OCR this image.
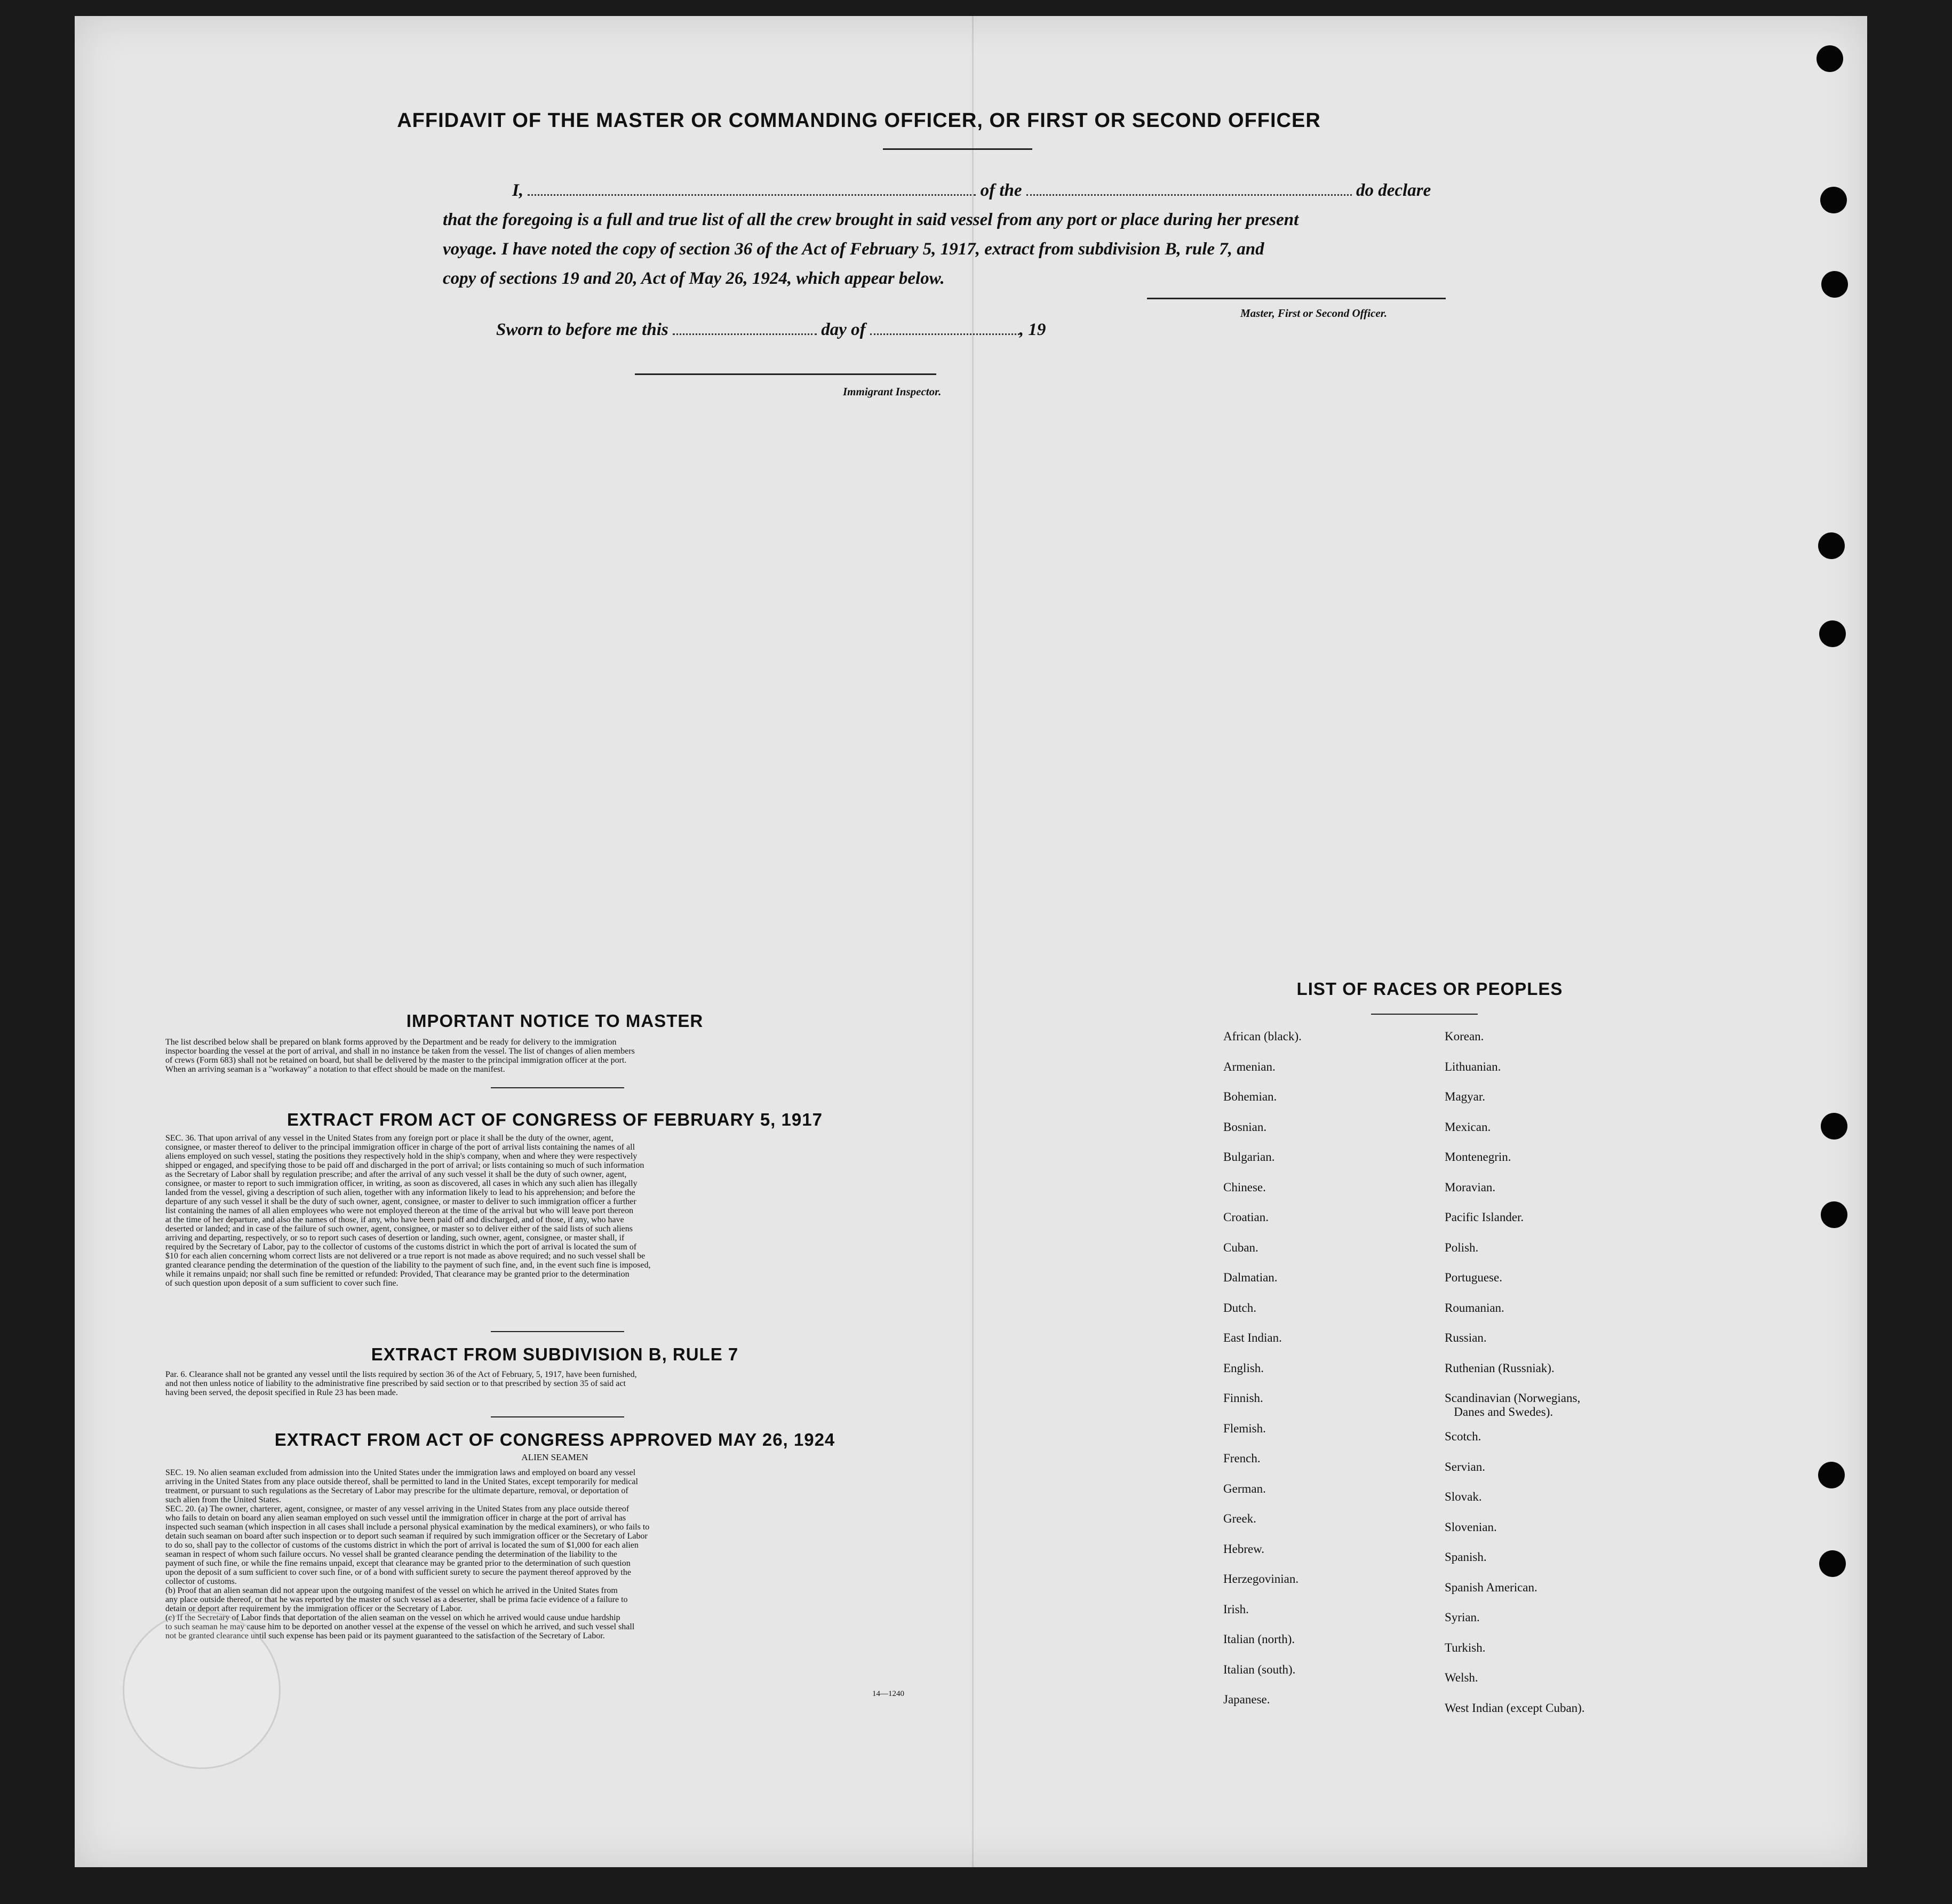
AFFIDAVIT OF THE MASTER OR COMMANDING OFFICER, OR FIRST OR SECOND OFFICER
I,	of the	do declare
that the foregoing is a full and true list of all the crew brought in said vessel from any port or place during her present
voyage. I have noted the copy of section 36 of the Act of February 5, 1917, extract from subdivision B, rule 7, and
copy of sections 19 and 20, Act of May 26, 1924, which appear below.
Master, First or Second Officer.
Sworn to before me this	day of	, 19
Immigrant Inspector.
IMPORTANT NOTICE TO MASTER
The list described below shall be prepared on blank forms approved by the Department and be ready for delivery to the immigration
inspector boarding the vessel at the port of arrival, and shall in no instance be taken from the vessel. The list of changes of alien members
of crews (Form 683) shall not be retained on board, but shall be delivered by the master to the principal immigration officer at the port.
When an arriving seaman is a "workaway" a notation to that effect should be made on the manifest.
EXTRACT FROM ACT OF CONGRESS OF FEBRUARY 5, 1917
SEC. 36. That upon arrival of any vessel in the United States from any foreign port or place it shall be the duty of the owner, agent,
consignee, or master thereof to deliver to the principal immigration officer in charge of the port of arrival lists containing the names of all
aliens employed on such vessel, stating the positions they respectively hold in the ship's company, when and where they were respectively
shipped or engaged, and specifying those to be paid off and discharged in the port of arrival; or lists containing so much of such information
as the Secretary of Labor shall by regulation prescribe; and after the arrival of any such vessel it shall be the duty of such owner, agent,
consignee, or master to report to such immigration officer, in writing, as soon as discovered, all cases in which any such alien has illegally
landed from the vessel, giving a description of such alien, together with any information likely to lead to his apprehension; and before the
departure of any such vessel it shall be the duty of such owner, agent, consignee, or master to deliver to such immigration officer a further
list containing the names of all alien employees who were not employed thereon at the time of the arrival but who will leave port thereon
at the time of her departure, and also the names of those, if any, who have been paid off and discharged, and of those, if any, who have
deserted or landed; and in case of the failure of such owner, agent, consignee, or master so to deliver either of the said lists of such aliens
arriving and departing, respectively, or so to report such cases of desertion or landing, such owner, agent, consignee, or master shall, if
required by the Secretary of Labor, pay to the collector of customs of the customs district in which the port of arrival is located the sum of
$10 for each alien concerning whom correct lists are not delivered or a true report is not made as above required; and no such vessel shall be
granted clearance pending the determination of the question of the liability to the payment of such fine, and, in the event such fine is imposed,
while it remains unpaid; nor shall such fine be remitted or refunded: Provided, That clearance may be granted prior to the determination
of such question upon deposit of a sum sufficient to cover such fine.
EXTRACT FROM SUBDIVISION B, RULE 7
Par. 6. Clearance shall not be granted any vessel until the lists required by section 36 of the Act of February, 5, 1917, have been furnished,
and not then unless notice of liability to the administrative fine prescribed by said section or to that prescribed by section 35 of said act
having been served, the deposit specified in Rule 23 has been made.
EXTRACT FROM ACT OF CONGRESS APPROVED MAY 26, 1924
ALIEN SEAMEN
SEC. 19. No alien seaman excluded from admission into the United States under the immigration laws and employed on board any vessel
arriving in the United States from any place outside thereof, shall be permitted to land in the United States, except temporarily for medical
treatment, or pursuant to such regulations as the Secretary of Labor may prescribe for the ultimate departure, removal, or deportation of
such alien from the United States.
SEC. 20. (a) The owner, charterer, agent, consignee, or master of any vessel arriving in the United States from any place outside thereof
who fails to detain on board any alien seaman employed on such vessel until the immigration officer in charge at the port of arrival has
inspected such seaman (which inspection in all cases shall include a personal physical examination by the medical examiners), or who fails to
detain such seaman on board after such inspection or to deport such seaman if required by such immigration officer or the Secretary of Labor
to do so, shall pay to the collector of customs of the customs district in which the port of arrival is located the sum of $1,000 for each alien
seaman in respect of whom such failure occurs. No vessel shall be granted clearance pending the determination of the liability to the
payment of such fine, or while the fine remains unpaid, except that clearance may be granted prior to the determination of such question
upon the deposit of a sum sufficient to cover such fine, or of a bond with sufficient surety to secure the payment thereof approved by the
collector of customs.
(b) Proof that an alien seaman did not appear upon the outgoing manifest of the vessel on which he arrived in the United States from
any place outside thereof, or that he was reported by the master of such vessel as a deserter, shall be prima facie evidence of a failure to
detain or deport after requirement by the immigration officer or the Secretary of Labor.
(c) If the Secretary of Labor finds that deportation of the alien seaman on the vessel on which he arrived would cause undue hardship
to such seaman he may cause him to be deported on another vessel at the expense of the vessel on which he arrived, and such vessel shall
not be granted clearance until such expense has been paid or its payment guaranteed to the satisfaction of the Secretary of Labor.
14—1240
LIST OF RACES OR PEOPLES
African (black).
Armenian.
Bohemian.
Bosnian.
Bulgarian.
Chinese.
Croatian.
Cuban.
Dalmatian.
Dutch.
East Indian.
English.
Finnish.
Flemish.
French.
German.
Greek.
Hebrew.
Herzegovinian.
Irish.
Italian (north).
Italian (south).
Japanese.
Korean.
Lithuanian.
Magyar.
Mexican.
Montenegrin.
Moravian.
Pacific Islander.
Polish.
Portuguese.
Roumanian.
Russian.
Ruthenian (Russniak).
Scandinavian (Norwegians,
Danes and Swedes).
Scotch.
Servian.
Slovak.
Slovenian.
Spanish.
Spanish American.
Syrian.
Turkish.
Welsh.
West Indian (except Cuban).
